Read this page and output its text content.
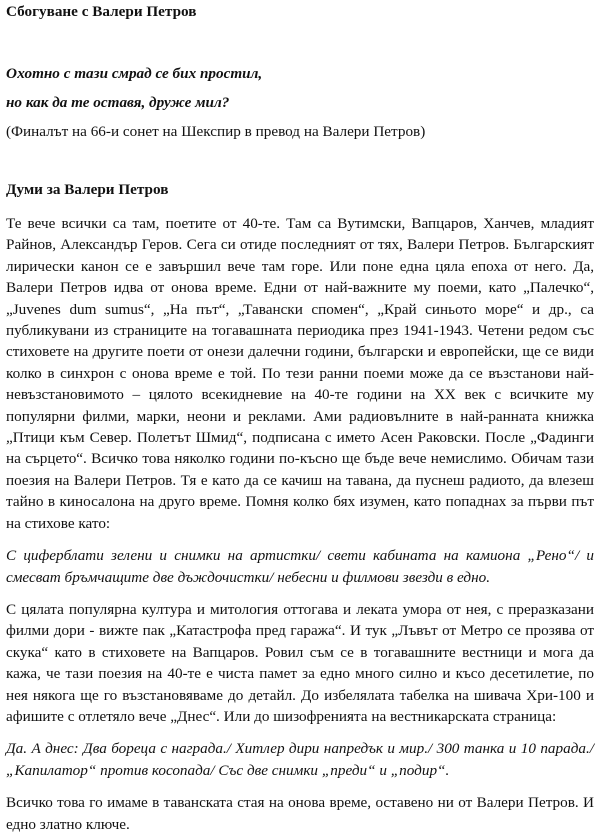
Сбогуване с Валери Петров

Охотно с тази смрад се бих простил,

но как да те оставя, друже мил?

(Финалът на 66-и сонет на Шекспир в превод на Валери Петров)

Думи за Валери Петров

Те вече всички са там, поетите от 40-те. Там са Вутимски, Вапцаров, Ханчев, младият Райнов, Александър Геров. Сега си отиде последният от тях, Валери Петров. Българският лирически канон се е завършил вече там горе. Или поне една цяла епоха от него. Да, Валери Петров идва от онова време. Едни от най-важните му поеми, като „Палечко“, „Juvenes dum sumus“, „На път“, „Тавански спомен“, „Край синьото море“ и др., са публикувани из страниците на тогавашната периодика през 1941-1943. Четени редом със стиховете на другите поети от онези далечни години, български и европейски, ще се види колко в синхрон с онова време е той. По тези ранни поеми може да се възстанови най-невъзстановимото – цялото всекидневие на 40-те години на XX век с всичките му популярни филми, марки, неони и реклами. Ами радиовълните в най-ранната книжка „Птици към Север. Полетът Шмид“, подписана с името Асен Раковски. После „Фадинги на сърцето“. Всичко това няколко години по-късно ще бъде вече немислимо. Обичам тази поезия на Валери Петров. Тя е като да се качиш на тавана, да пуснеш радиото, да влезеш тайно в киносалона на друго време. Помня колко бях изумен, като попаднах за първи път на стихове като:

С циферблати зелени и снимки на артистки/ свети кабината на камиона „Рено“/ и смесват бръмчащите две дъждочистки/ небесни и филмови звезди в едно.

С цялата популярна култура и митология оттогава и леката умора от нея, с преразказани филми дори - вижте пак „Катастрофа пред гаража“. И тук „Лъвът от Метро се прозява от скука“ като в стиховете на Вапцаров. Ровил съм се в тогавашните вестници и мога да кажа, че тази поезия на 40-те е чиста памет за едно много силно и късо десетилетие, по нея някога ще го възстановяваме до детайл. До избелялата табелка на шивача Хри-100 и афишите с отлетяло вече „Днес“. Или до шизофренията на вестникарската страница:

Да. А днес: Два бореца с награда./ Хитлер дири напредък и мир./ 300 танка и 10 парада./ „Капилатор“ против косопада/ Със две снимки „преди“ и „подир“.

Всичко това го имаме в таванската стая на онова време, оставено ни от Валери Петров. И едно златно ключе.
